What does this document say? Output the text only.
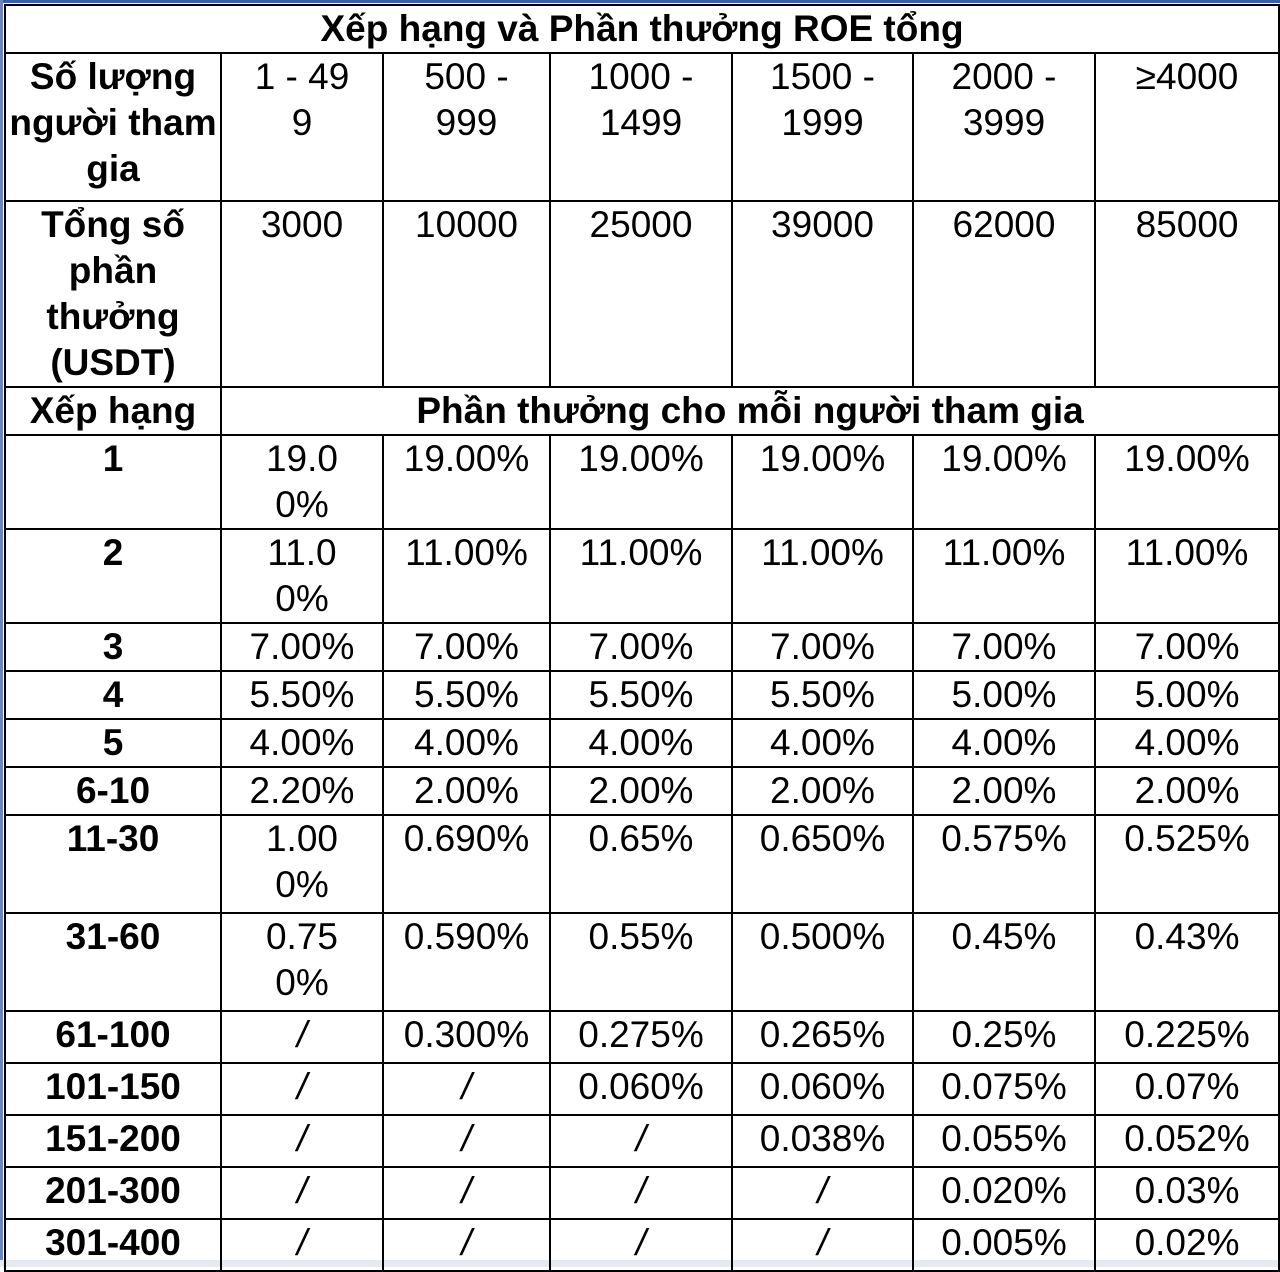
Xếp hạng và Phần thưởng ROE tổng						
Số lượng người tham gia	1 - 499	500 - 999	1000 - 1499	1500 - 1999	2000 - 3999	≥4000
Tổng số phần thưởng (USDT)	3000	10000	25000	39000	62000	85000
Xếp hạng	Phần thưởng cho mỗi người tham gia					
1	19.00%	19.00%	19.00%	19.00%	19.00%	19.00%
2	11.00%	11.00%	11.00%	11.00%	11.00%	11.00%
3	7.00%	7.00%	7.00%	7.00%	7.00%	7.00%
4	5.50%	5.50%	5.50%	5.50%	5.00%	5.00%
5	4.00%	4.00%	4.00%	4.00%	4.00%	4.00%
6-10	2.20%	2.00%	2.00%	2.00%	2.00%	2.00%
11-30	1.000%	0.690%	0.65%	0.650%	0.575%	0.525%
31-60	0.750%	0.590%	0.55%	0.500%	0.45%	0.43%
61-100	/	0.300%	0.275%	0.265%	0.25%	0.225%
101-150	/	/	0.060%	0.060%	0.075%	0.07%
151-200	/	/	/	0.038%	0.055%	0.052%
201-300	/	/	/	/	0.020%	0.03%
301-400	/	/	/	/	0.005%	0.02%
